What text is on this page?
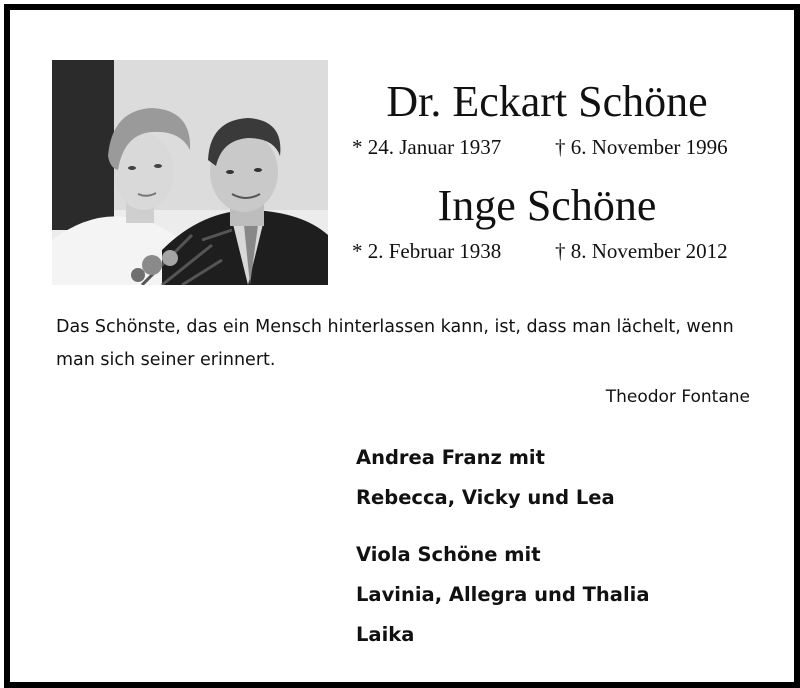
Dr. Eckart Schöne
* 24. Januar 1937	† 6. November 1996
Inge Schöne
* 2. Februar 1938	† 8. November 2012
Das Schönste, das ein Mensch hinterlassen kann, ist, dass man lächelt, wenn
man sich seiner erinnert.
Theodor Fontane
Andrea Franz mit
Rebecca, Vicky und Lea
Viola Schöne mit
Lavinia, Allegra und Thalia
Laika
